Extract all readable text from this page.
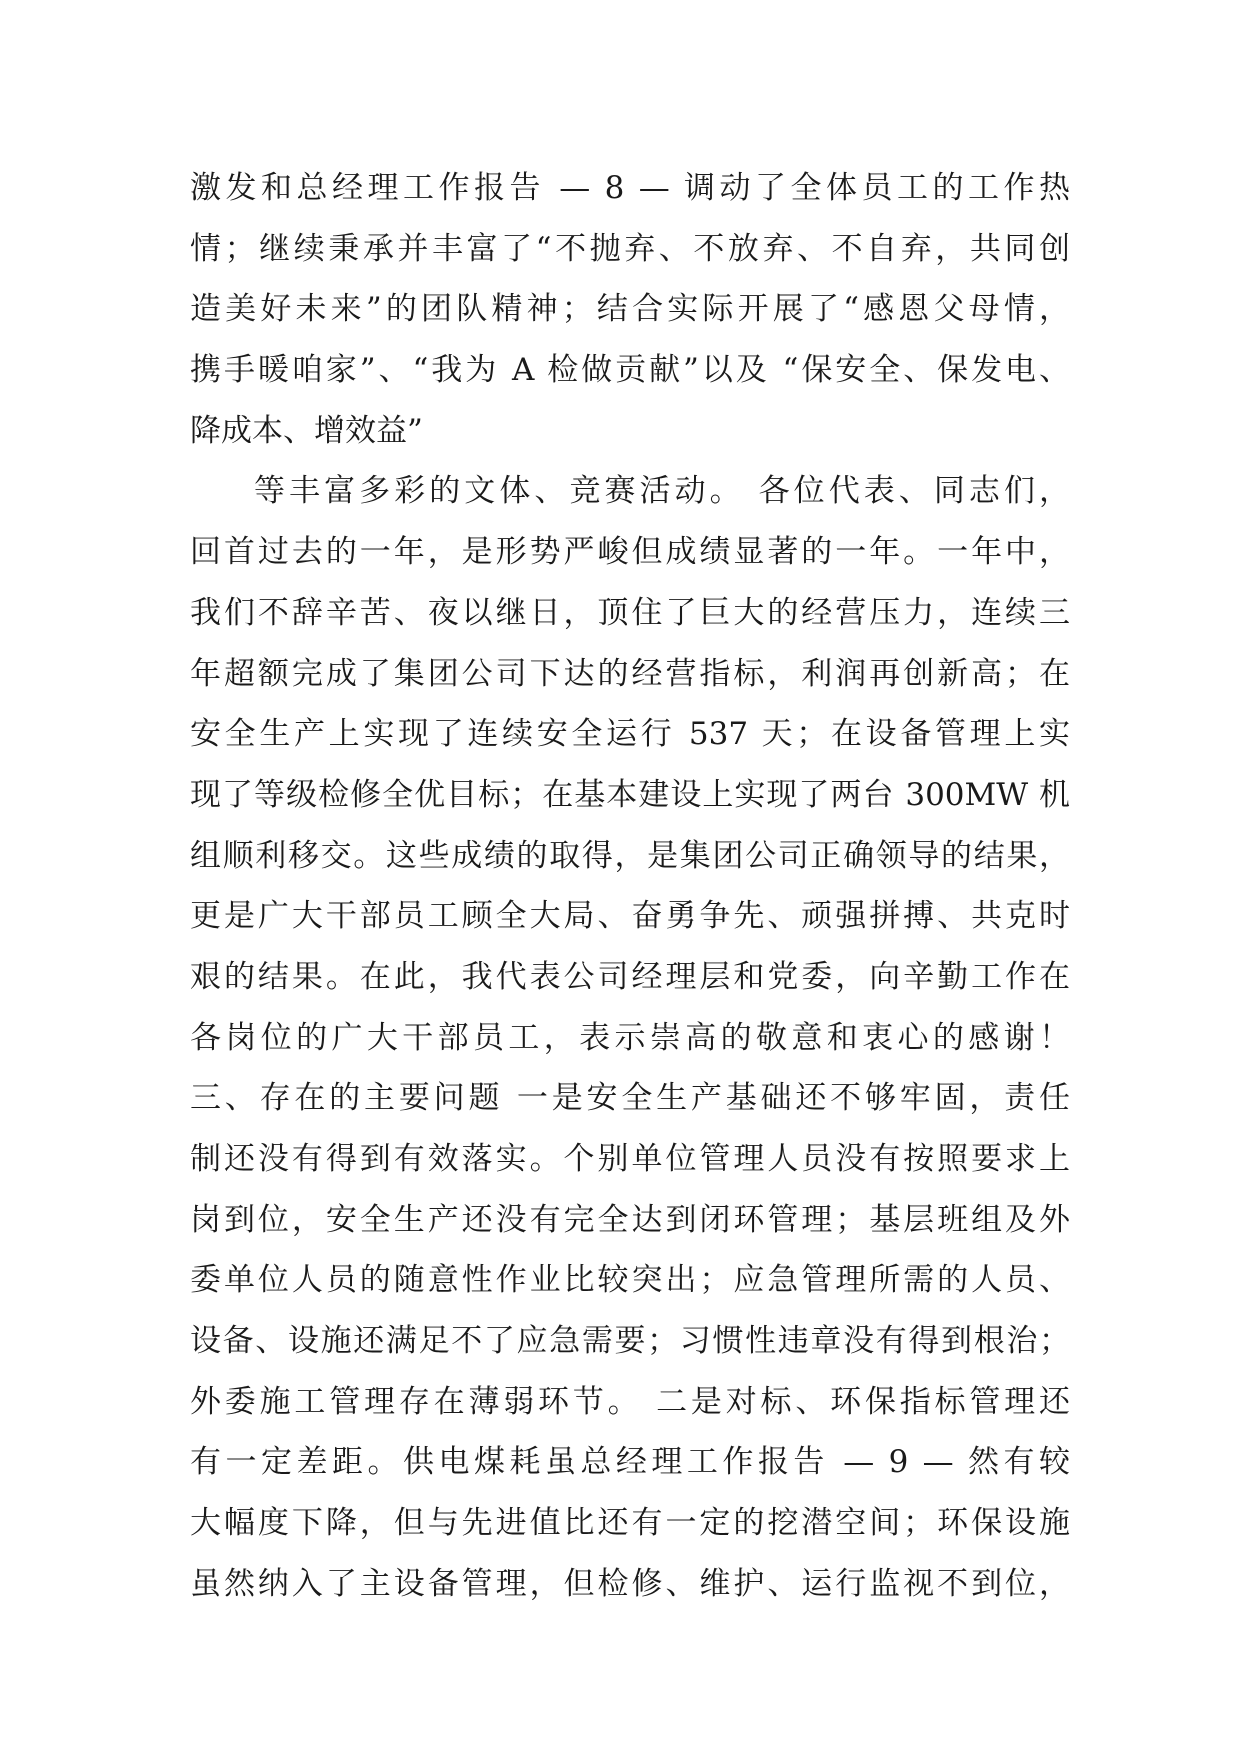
激发和总经理工作报告 — 8 — 调动了全体员工的工作热
情；继续秉承并丰富了“不抛弃、不放弃、不自弃，共同创
造美好未来”的团队精神；结合实际开展了“感恩父母情，
携手暖咱家”、“我为 A 检做贡献”以及 “保安全、保发电、
降成本、增效益”
等丰富多彩的文体、竞赛活动。 各位代表、同志们，
回首过去的一年，是形势严峻但成绩显著的一年。一年中，
我们不辞辛苦、夜以继日，顶住了巨大的经营压力，连续三
年超额完成了集团公司下达的经营指标，利润再创新高；在
安全生产上实现了连续安全运行 537 天；在设备管理上实
现了等级检修全优目标；在基本建设上实现了两台 300MW 机
组顺利移交。这些成绩的取得，是集团公司正确领导的结果，
更是广大干部员工顾全大局、奋勇争先、顽强拼搏、共克时
艰的结果。在此，我代表公司经理层和党委，向辛勤工作在
各岗位的广大干部员工，表示崇高的敬意和衷心的感谢！
三、存在的主要问题 一是安全生产基础还不够牢固，责任
制还没有得到有效落实。个别单位管理人员没有按照要求上
岗到位，安全生产还没有完全达到闭环管理；基层班组及外
委单位人员的随意性作业比较突出；应急管理所需的人员、
设备、设施还满足不了应急需要；习惯性违章没有得到根治；
外委施工管理存在薄弱环节。 二是对标、环保指标管理还
有一定差距。供电煤耗虽总经理工作报告 — 9 — 然有较
大幅度下降，但与先进值比还有一定的挖潜空间；环保设施
虽然纳入了主设备管理，但检修、维护、运行监视不到位，
